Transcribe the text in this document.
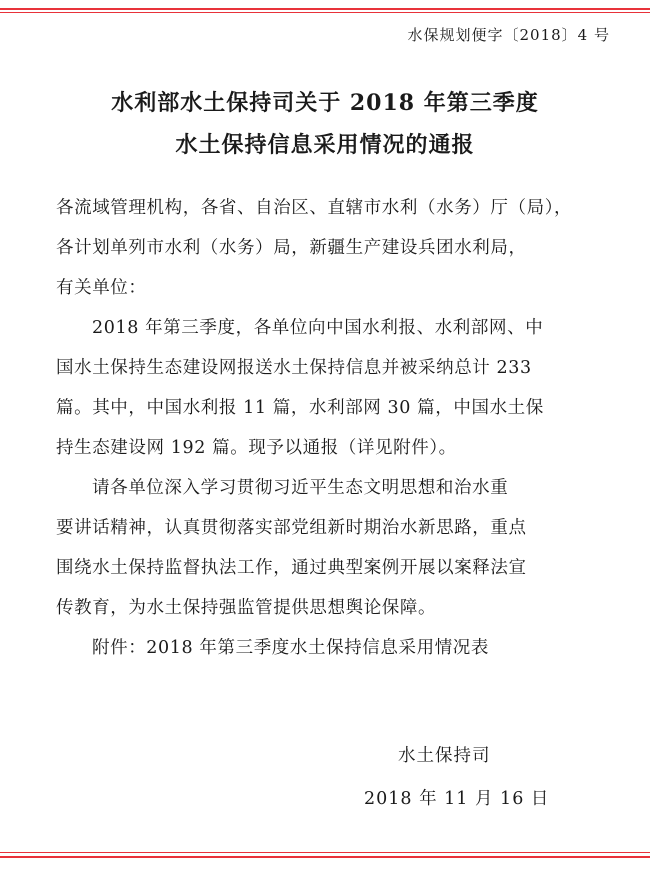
水保规划便字〔2018〕4 号
水利部水土保持司关于 2018 年第三季度
水土保持信息采用情况的通报
各流域管理机构，各省、自治区、直辖市水利（水务）厅（局），
各计划单列市水利（水务）局，新疆生产建设兵团水利局，
有关单位：
2018 年第三季度，各单位向中国水利报、水利部网、中
国水土保持生态建设网报送水土保持信息并被采纳总计 233
篇。其中，中国水利报 11 篇，水利部网 30 篇，中国水土保
持生态建设网 192 篇。现予以通报（详见附件）。
请各单位深入学习贯彻习近平生态文明思想和治水重
要讲话精神，认真贯彻落实部党组新时期治水新思路，重点
围绕水土保持监督执法工作，通过典型案例开展以案释法宣
传教育，为水土保持强监管提供思想舆论保障。
附件：2018 年第三季度水土保持信息采用情况表
水土保持司
2018 年 11 月 16 日
